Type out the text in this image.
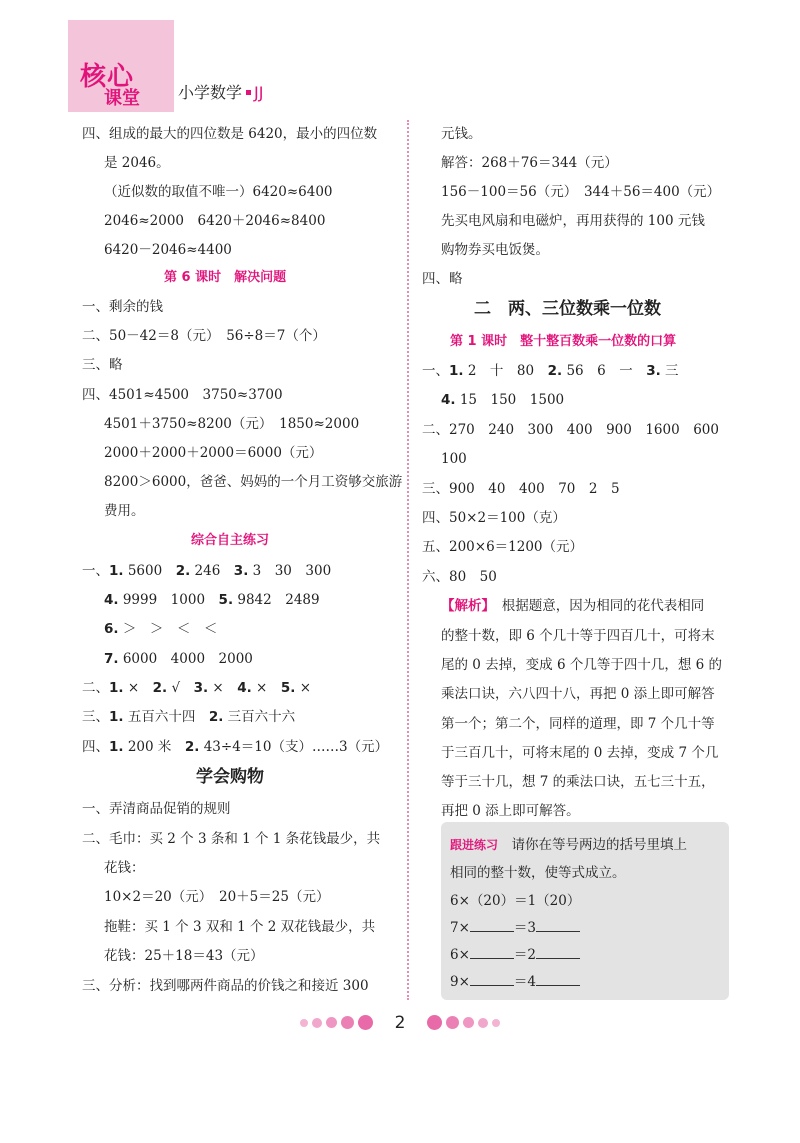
核心
课堂 小学数学 JJ
四、组成的最大的四位数是 6420，最小的四位数
是 2046。
（近似数的取值不唯一）6420≈6400
2046≈2000　6420＋2046≈8400
6420－2046≈4400
第 6 课时　解决问题
一、剩余的钱
二、50－42＝8（元）　56÷8＝7（个）
三、略
四、4501≈4500　3750≈3700
4501＋3750≈8200（元）　1850≈2000
2000＋2000＋2000＝6000（元）
8200＞6000，爸爸、妈妈的一个月工资够交旅游
费用。
综合自主练习
一、1. 5600　2. 246　3. 3　30　300
4. 9999　1000　5. 9842　2489
6. ＞　＞　＜　＜
7. 6000　4000　2000
二、1. ×　2. √　3. ×　4. ×　5. ×
三、1. 五百六十四　2. 三百六十六
四、1. 200 米　2. 43÷4＝10（支）……3（元）
学会购物
一、弄清商品促销的规则
二、毛巾：买 2 个 3 条和 1 个 1 条花钱最少，共
花钱：
10×2＝20（元）　20＋5＝25（元）
拖鞋：买 1 个 3 双和 1 个 2 双花钱最少，共
花钱：25＋18＝43（元）
三、分析：找到哪两件商品的价钱之和接近 300
元钱。
解答：268＋76＝344（元）
156－100＝56（元）　344＋56＝400（元）
先买电风扇和电磁炉，再用获得的 100 元钱
购物券买电饭煲。
四、略
二　两、三位数乘一位数
第 1 课时　整十整百数乘一位数的口算
一、1. 2　十　80　2. 56　6　一　3. 三
4. 15　150　1500
二、270　240　300　400　900　1600　600
100
三、900　40　400　70　2　5
四、50×2＝100（克）
五、200×6＝1200（元）
六、80　50
【解析】　 根据题意，因为相同的花代表相同
的整十数，即 6 个几十等于四百几十，可将末
尾的 0 去掉，变成 6 个几等于四十几，想 6 的
乘法口诀，六八四十八，再把 0 添上即可解答
第一个；第二个，同样的道理，即 7 个几十等
于三百几十，可将末尾的 0 去掉，变成 7 个几
等于三十几，想 7 的乘法口诀，五七三十五，
再把 0 添上即可解答。
跟进练习　 请你在等号两边的括号里填上
相同的整十数，使等式成立。
6×（20）＝1（20）
7×	＝3
6×	＝2
9×	＝4
2
